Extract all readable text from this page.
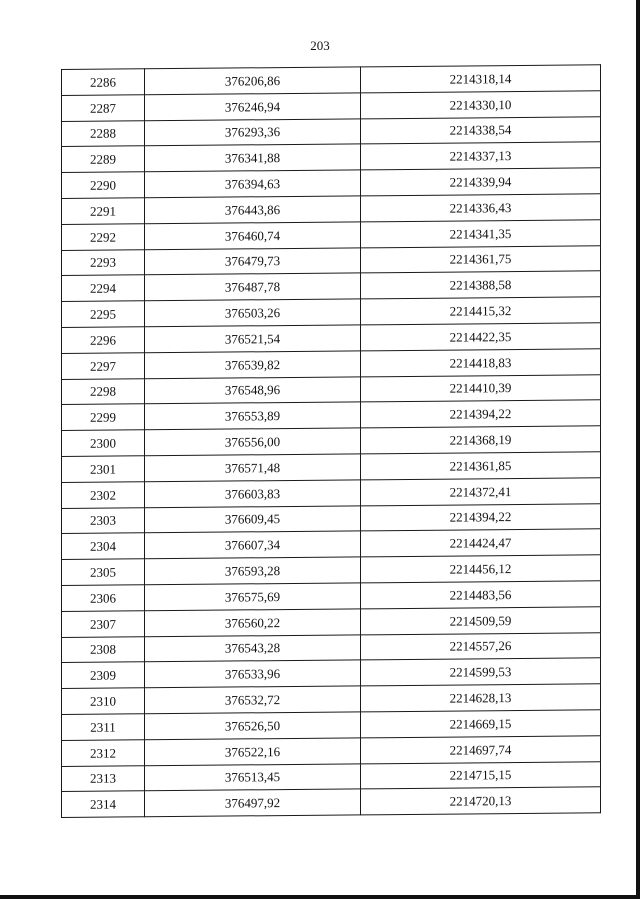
203
2286	376206,86	2214318,14
2287	376246,94	2214330,10
2288	376293,36	2214338,54
2289	376341,88	2214337,13
2290	376394,63	2214339,94
2291	376443,86	2214336,43
2292	376460,74	2214341,35
2293	376479,73	2214361,75
2294	376487,78	2214388,58
2295	376503,26	2214415,32
2296	376521,54	2214422,35
2297	376539,82	2214418,83
2298	376548,96	2214410,39
2299	376553,89	2214394,22
2300	376556,00	2214368,19
2301	376571,48	2214361,85
2302	376603,83	2214372,41
2303	376609,45	2214394,22
2304	376607,34	2214424,47
2305	376593,28	2214456,12
2306	376575,69	2214483,56
2307	376560,22	2214509,59
2308	376543,28	2214557,26
2309	376533,96	2214599,53
2310	376532,72	2214628,13
2311	376526,50	2214669,15
2312	376522,16	2214697,74
2313	376513,45	2214715,15
2314	376497,92	2214720,13
